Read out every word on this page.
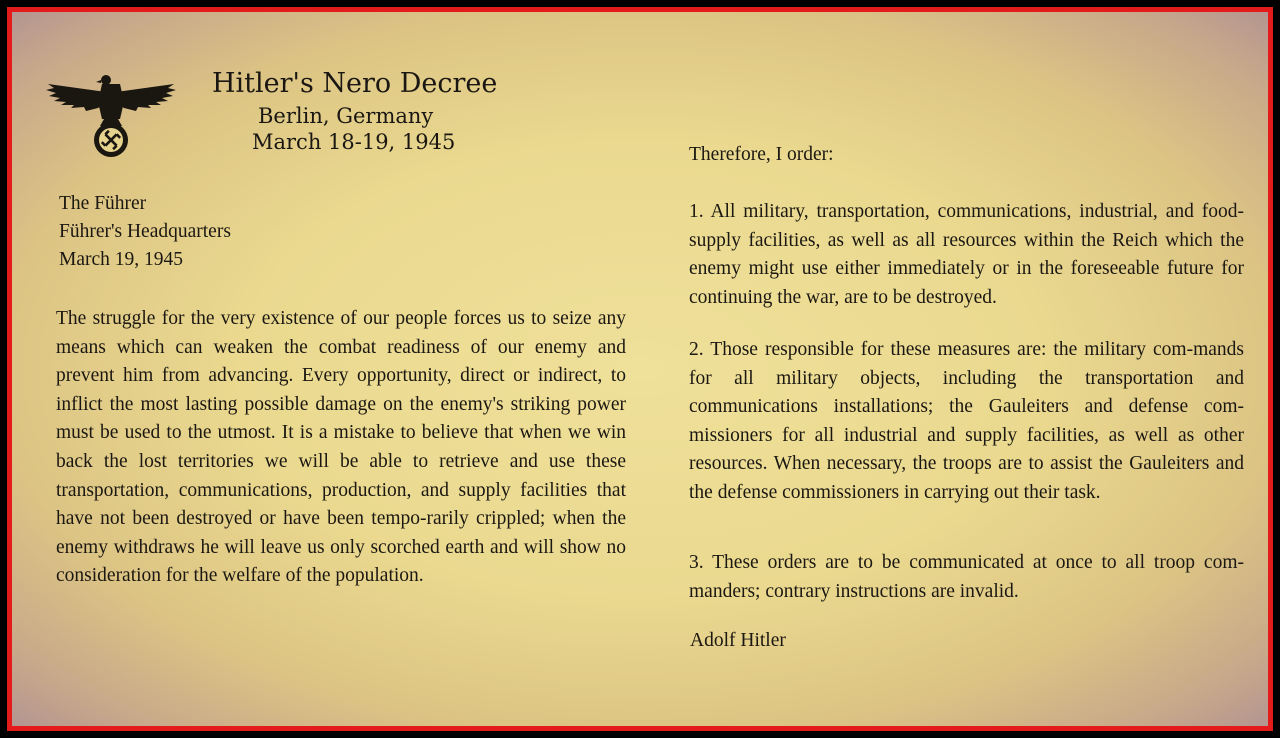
Hitler's Nero Decree
Berlin, Germany
March 18-19, 1945
The Führer
Führer's Headquarters
March 19, 1945
The struggle for the very existence of our people forces us to seize any means which can weaken the combat readiness of our enemy and prevent him from advancing. Every opportunity, direct or indirect, to inflict the most lasting possible damage on the enemy's striking power must be used to the utmost. It is a mistake to believe that when we win back the lost territories we will be able to retrieve and use these transportation, communications, production, and supply facilities that have not been destroyed or have been tempo-rarily crippled; when the enemy withdraws he will leave us only scorched earth and will show no consideration for the welfare of the population.
Therefore, I order:
1. All military, transportation, communications, industrial, and food-supply facilities, as well as all resources within the Reich which the enemy might use either immediately or in the foreseeable future for continuing the war, are to be destroyed.
2. Those responsible for these measures are: the military com-mands for all military objects, including the transportation and communications installations; the Gauleiters and defense com-missioners for all industrial and supply facilities, as well as other resources. When necessary, the troops are to assist the Gauleiters and the defense commissioners in carrying out their task.
3. These orders are to be communicated at once to all troop com-manders; contrary instructions are invalid.
Adolf Hitler
